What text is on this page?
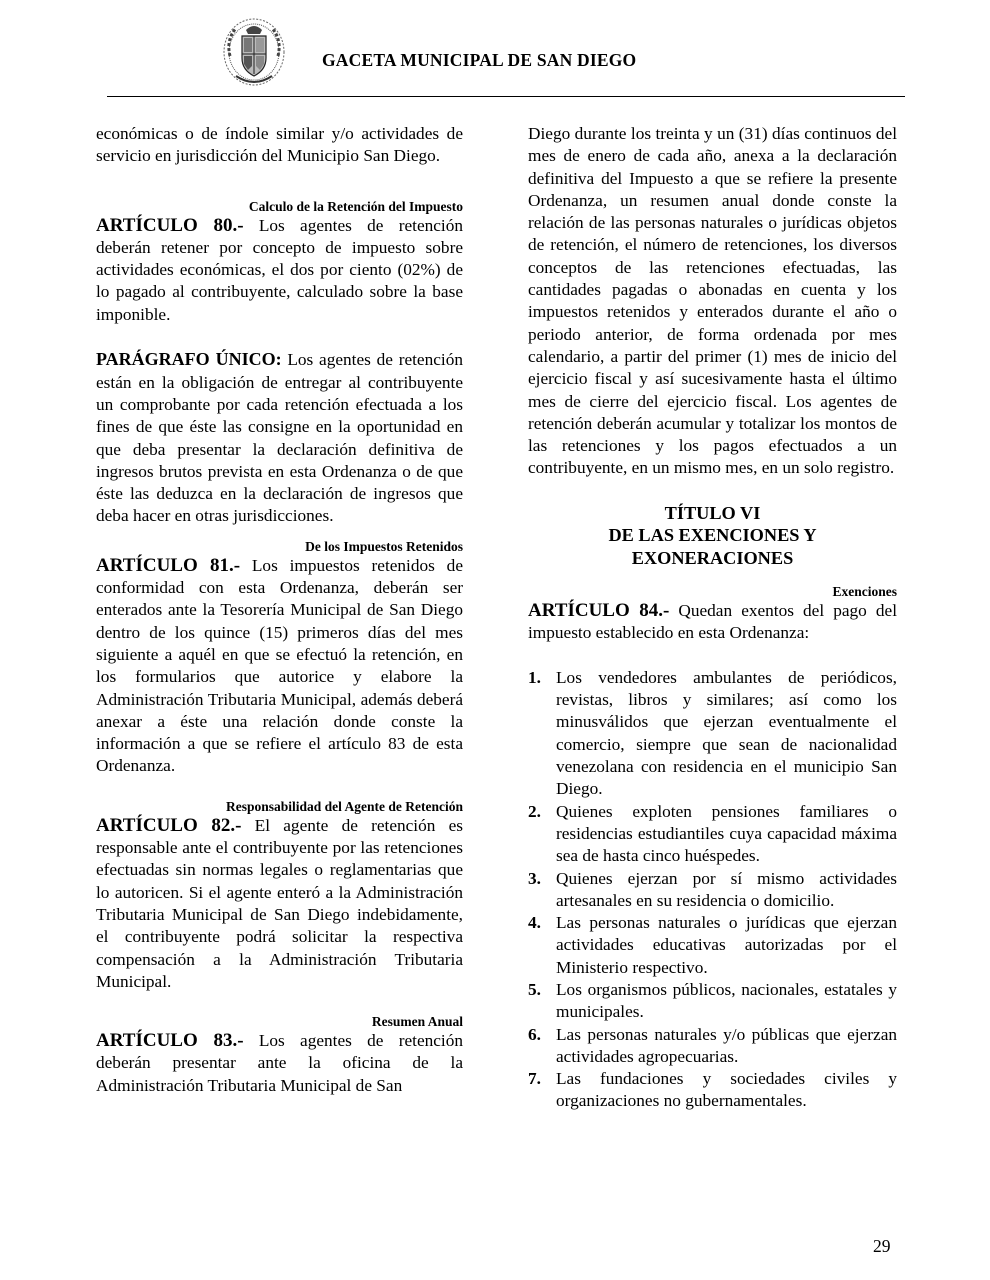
GACETA MUNICIPAL DE SAN DIEGO

económicas o de índole similar y/o actividades de servicio en jurisdicción del Municipio San Diego.

Calculo de la Retención del Impuesto

ARTÍCULO 80.- Los agentes de retención deberán retener por concepto de impuesto sobre actividades económicas, el dos por ciento (02%) de lo pagado al contribuyente, calculado sobre la base imponible.

PARÁGRAFO ÚNICO: Los agentes de retención están en la obligación de entregar al contribuyente un comprobante por cada retención efectuada a los fines de que éste las consigne en la oportunidad en que deba presentar la declaración definitiva de ingresos brutos prevista en esta Ordenanza o de que éste las deduzca en la declaración de ingresos que deba hacer en otras jurisdicciones.

De los Impuestos Retenidos

ARTÍCULO 81.- Los impuestos retenidos de conformidad con esta Ordenanza, deberán ser enterados ante la Tesorería Municipal de San Diego dentro de los quince (15) primeros días del mes siguiente a aquél en que se efectuó la retención, en los formularios que autorice y elabore la Administración Tributaria Municipal, además deberá anexar a éste una relación donde conste la información a que se refiere el artículo 83 de esta Ordenanza.

Responsabilidad del Agente de Retención

ARTÍCULO 82.- El agente de retención es responsable ante el contribuyente por las retenciones efectuadas sin normas legales o reglamentarias que lo autoricen. Si el agente enteró a la Administración Tributaria Municipal de San Diego indebidamente, el contribuyente podrá solicitar la respectiva compensación a la Administración Tributaria Municipal.

Resumen Anual

ARTÍCULO 83.- Los agentes de retención deberán presentar ante la oficina de la Administración Tributaria Municipal de San

Diego durante los treinta y un (31) días continuos del mes de enero de cada año, anexa a la declaración definitiva del Impuesto a que se refiere la presente Ordenanza, un resumen anual donde conste la relación de las personas naturales o jurídicas objetos de retención, el número de retenciones, los diversos conceptos de las retenciones efectuadas, las cantidades pagadas o abonadas en cuenta y los impuestos retenidos y enterados durante el año o periodo anterior, de forma ordenada por mes calendario, a partir del primer (1) mes de inicio del ejercicio fiscal y así sucesivamente hasta el último mes de cierre del ejercicio fiscal. Los agentes de retención deberán acumular y totalizar los montos de las retenciones y los pagos efectuados a un contribuyente, en un mismo mes, en un solo registro.

TÍTULO VI
DE LAS EXENCIONES Y
EXONERACIONES
Exenciones

ARTÍCULO 84.- Quedan exentos del pago del impuesto establecido en esta Ordenanza:

1. Los vendedores ambulantes de periódicos, revistas, libros y similares; así como los minusválidos que ejerzan eventualmente el comercio, siempre que sean de nacionalidad venezolana con residencia en el municipio San Diego.
2. Quienes exploten pensiones familiares o residencias estudiantiles cuya capacidad máxima sea de hasta cinco huéspedes.
3. Quienes ejerzan por sí mismo actividades artesanales en su residencia o domicilio.
4. Las personas naturales o jurídicas que ejerzan actividades educativas autorizadas por el Ministerio respectivo.
5. Los organismos públicos, nacionales, estatales y municipales.
6. Las personas naturales y/o públicas que ejerzan actividades agropecuarias.
7. Las fundaciones y sociedades civiles y organizaciones no gubernamentales.
29
